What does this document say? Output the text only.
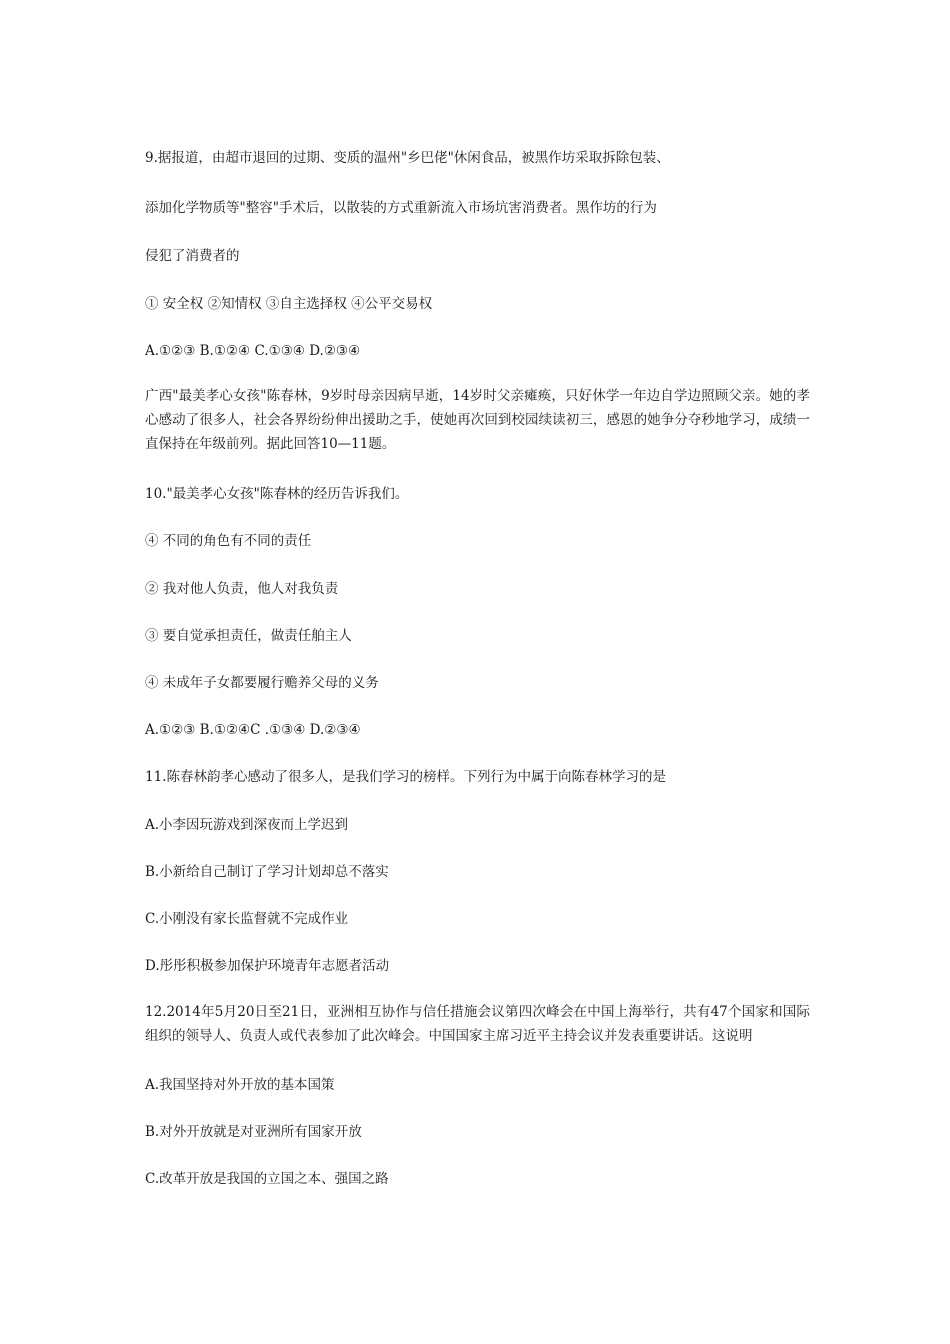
9.据报道，由超市退回的过期、变质的温州"乡巴佬"休闲食品，被黑作坊采取拆除包装、
添加化学物质等"整容"手术后，以散装的方式重新流入市场坑害消费者。黑作坊的行为
侵犯了消费者的
① 安全权 ②知情权 ③自主选择权 ④公平交易权
A.①②③ B.①②④ C.①③④ D.②③④
广西"最美孝心女孩"陈春林，9岁时母亲因病早逝，14岁时父亲瘫痪，只好休学一年边自学边照顾父亲。她的孝心感动了很多人，社会各界纷纷伸出援助之手，使她再次回到校园续读初三，感恩的她争分夺秒地学习，成绩一直保持在年级前列。据此回答10—11题。
10."最美孝心女孩"陈春林的经历告诉我们。
④ 不同的角色有不同的责任
② 我对他人负责，他人对我负责
③ 要自觉承担责任，做责任舶主人
④ 未成年子女都要履行赡养父母的义务
A.①②③ B.①②④C .①③④ D.②③④
11.陈春林韵孝心感动了很多人，是我们学习的榜样。下列行为中属于向陈春林学习的是
A.小李因玩游戏到深夜而上学迟到
B.小新给自己制订了学习计划却总不落实
C.小刚没有家长监督就不完成作业
D.彤彤积极参加保护环境青年志愿者活动
12.2014年5月20日至21日，亚洲相互协作与信任措施会议第四次峰会在中国上海举行，共有47个国家和国际组织的领导人、负责人或代表参加了此次峰会。中国国家主席习近平主持会议并发表重要讲话。这说明
A.我国坚持对外开放的基本国策
B.对外开放就是对亚洲所有国家开放
C.改革开放是我国的立国之本、强国之路
